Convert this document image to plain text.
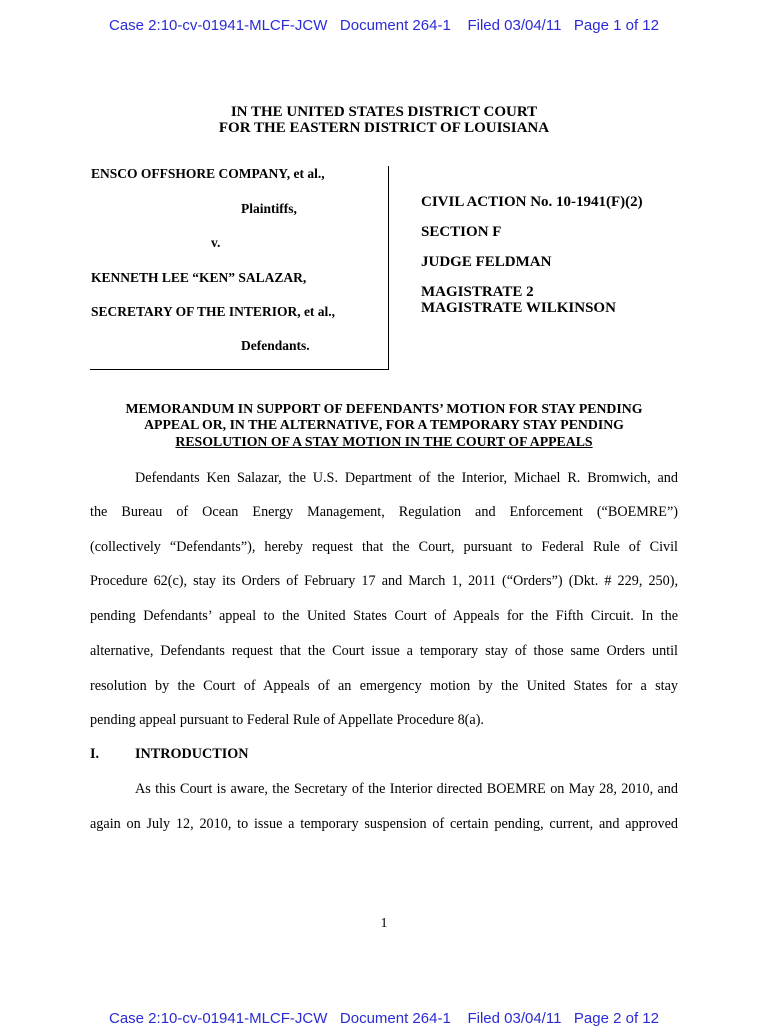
Case 2:10-cv-01941-MLCF-JCW   Document 264-1    Filed 03/04/11   Page 1 of 12
IN THE UNITED STATES DISTRICT COURT
FOR THE EASTERN DISTRICT OF LOUISIANA
ENSCO OFFSHORE COMPANY, et al.,
Plaintiffs,
v.
KENNETH LEE “KEN” SALAZAR,
SECRETARY OF THE INTERIOR, et al.,
Defendants.
CIVIL ACTION No. 10-1941(F)(2)
SECTION F
JUDGE FELDMAN
MAGISTRATE 2
MAGISTRATE WILKINSON
MEMORANDUM IN SUPPORT OF DEFENDANTS’ MOTION FOR STAY PENDING
APPEAL OR, IN THE ALTERNATIVE, FOR A TEMPORARY STAY PENDING
RESOLUTION OF A STAY MOTION IN THE COURT OF APPEALS
Defendants Ken Salazar, the U.S. Department of the Interior, Michael R. Bromwich, and
the Bureau of Ocean Energy Management, Regulation and Enforcement (“BOEMRE”)
(collectively “Defendants”), hereby request that the Court, pursuant to Federal Rule of Civil
Procedure 62(c), stay its Orders of February 17 and March 1, 2011 (“Orders”) (Dkt. # 229, 250),
pending Defendants’ appeal to the United States Court of Appeals for the Fifth Circuit. In the
alternative, Defendants request that the Court issue a temporary stay of those same Orders until
resolution by the Court of Appeals of an emergency motion by the United States for a stay
pending appeal pursuant to Federal Rule of Appellate Procedure 8(a).
I.	INTRODUCTION
As this Court is aware, the Secretary of the Interior directed BOEMRE on May 28, 2010, and
again on July 12, 2010, to issue a temporary suspension of certain pending, current, and approved
1
Case 2:10-cv-01941-MLCF-JCW   Document 264-1    Filed 03/04/11   Page 2 of 12
